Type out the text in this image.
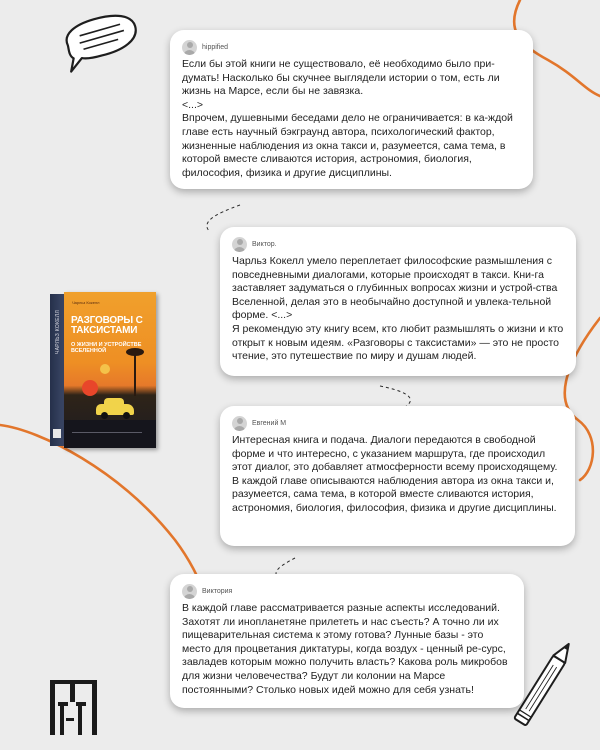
hippified

Если бы этой книги не существовало, её необходимо было при-думать! Насколько бы скучнее выглядели истории о том, есть ли жизнь на Марсе, если бы не завязка.

<...>

Впрочем, душевными беседами дело не ограничивается: в ка-ждой главе есть научный бэкграунд автора, психологический фактор, жизненные наблюдения из окна такси и, разумеется, сама тема, в которой вместе сливаются история, астрономия, биология, философия, физика и другие дисциплины.

Виктор.

Чарльз Кокелл умело переплетает философские размышления с повседневными диалогами, которые происходят в такси. Кни-га заставляет задуматься о глубинных вопросах жизни и устрой-ства Вселенной, делая это в необычайно доступной и увлека-тельной форме. <...>

Я рекомендую эту книгу всем, кто любит размышлять о жизни и кто открыт к новым идеям. «Разговоры с таксистами» — это не просто чтение, это путешествие по миру и душам людей.

ЧАРЛЬЗ КОКЕЛЛ
Чарльз Кокелл
РАЗГОВОРЫ С ТАКСИСТАМИ
О ЖИЗНИ И УСТРОЙСТВЕ ВСЕЛЕННОЙ
Евгений М

Интересная книга и подача. Диалоги передаются в свободной форме и что интересно, с указанием маршрута, где происходил этот диалог, это добавляет атмосферности всему происходящему.

В каждой главе описываются наблюдения автора из окна такси и, разумеется, сама тема, в которой вместе сливаются история, астрономия, биология, философия, физика и другие дисциплины.

Виктория

В каждой главе рассматривается разные аспекты исследований. Захотят ли инопланетяне прилететь и нас съесть? А точно ли их пищеварительная система к этому готова? Лунные базы - это место для процветания диктатуры, когда воздух - ценный ре-сурс, завладев которым можно получить власть? Какова роль микробов для жизни человечества? Будут ли колонии на Марсе постоянными? Столько новых идей можно для себя узнать!
